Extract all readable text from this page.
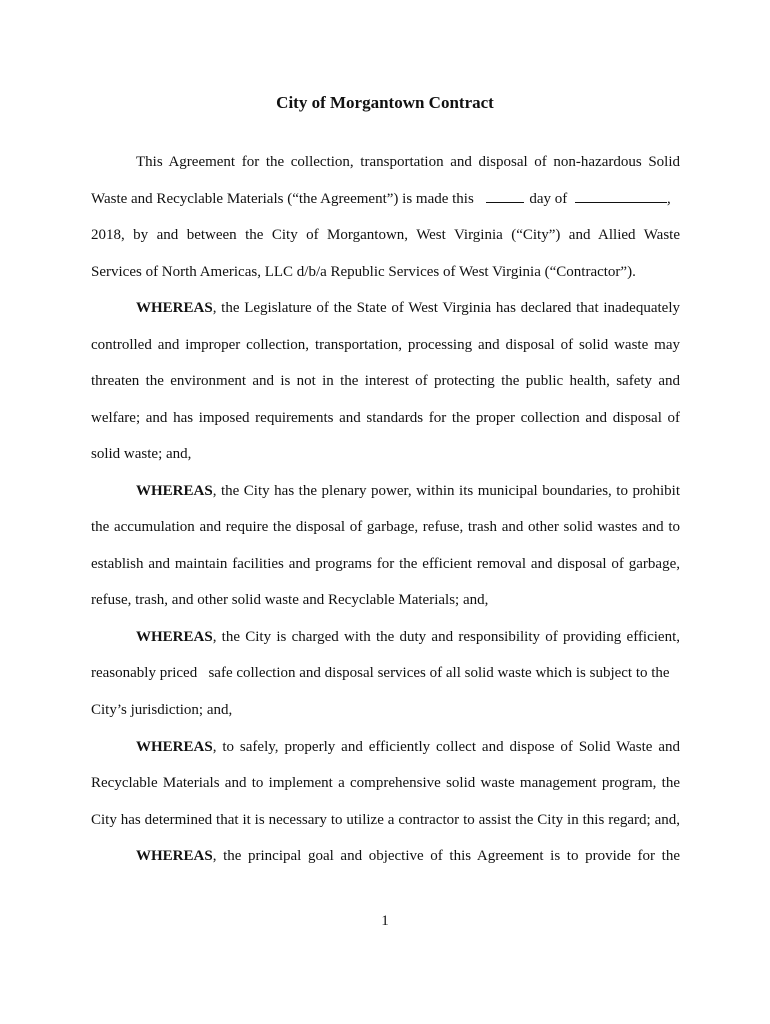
City of Morgantown Contract
This Agreement for the collection, transportation and disposal of non-hazardous Solid
Waste and Recyclable Materials (“the Agreement”) is made this	day of	,
2018, by and between the City of Morgantown, West Virginia (“City”) and Allied Waste
Services of North Americas, LLC d/b/a Republic Services of West Virginia (“Contractor”).
WHEREAS, the Legislature of the State of West Virginia has declared that inadequately
controlled and improper collection, transportation, processing and disposal of solid waste may
threaten the environment and is not in the interest of protecting the public health, safety and
welfare; and has imposed requirements and standards for the proper collection and disposal of
solid waste; and,
WHEREAS, the City has the plenary power, within its municipal boundaries, to prohibit
the accumulation and require the disposal of garbage, refuse, trash and other solid wastes and to
establish and maintain facilities and programs for the efficient removal and disposal of garbage,
refuse, trash, and other solid waste and Recyclable Materials; and,
WHEREAS, the City is charged with the duty and responsibility of providing efficient,
reasonably priced   safe collection and disposal services of all solid waste which is subject to the
City’s jurisdiction; and,
WHEREAS, to safely, properly and efficiently collect and dispose of Solid Waste and
Recyclable Materials and to implement a comprehensive solid waste management program, the
City has determined that it is necessary to utilize a contractor to assist the City in this regard; and,
WHEREAS, the principal goal and objective of this Agreement is to provide for the
1
